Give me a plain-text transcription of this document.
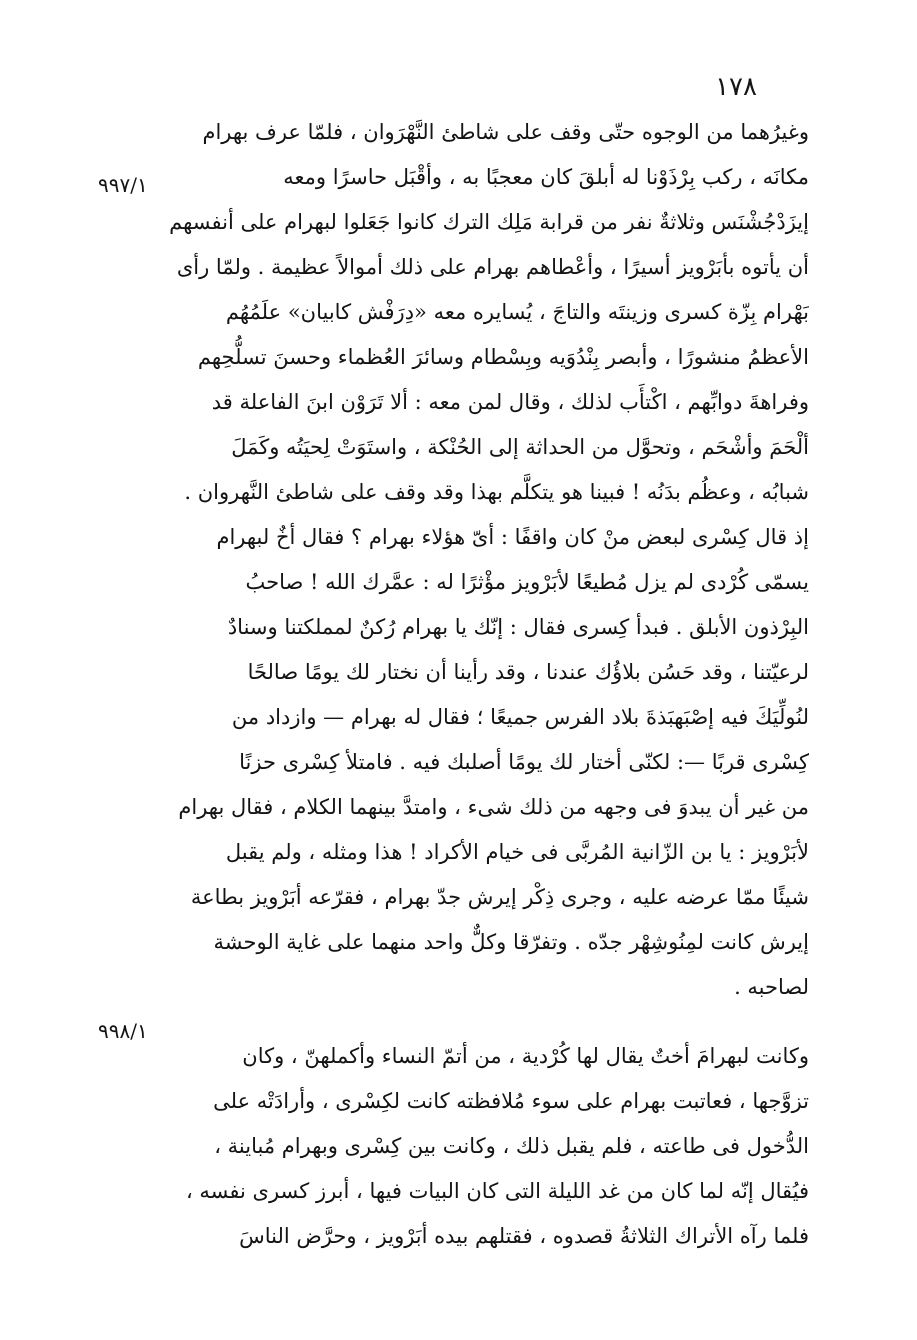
١٧٨
٩٩٧/١
٩٩٨/١
وغيرُهما من الوجوه حتّى وقف على شاطئ النَّهْرَوان ، فلمّا عرف بهرام
مكانَه ، ركب بِرْذَوْنا له أبلقَ كان معجبًا به ، وأقْبَل حاسرًا ومعه
إيزَدْجُشْنَس وثلاثةٌ نفر من قرابة مَلِك الترك كانوا جَعَلوا لبهرام على أنفسهم
أن يأتوه بأبَرْويز أسيرًا ، وأعْطاهم بهرام على ذلك أموالاً عظيمة . ولمّا رأى
بَهْرام بِزّة كسرى وزينتَه والتاجَ ، يُسايره معه «دِرَفْش كابيان» علَمُهُم
الأعظمُ منشورًا ، وأبصر بِنْدُوَيه وبِسْطام وسائرَ العُظماء وحسنَ تسلُّحِهم
وفراهةَ دوابِّهم ، اكْتأَب لذلك ، وقال لمن معه : ألا تَرَوْن ابنَ الفاعلة قد
ألْحَمَ وأشْحَم ، وتحوَّل من الحداثة إلى الحُنْكة ، واستَوَتْ لِحيَتُه وكَمَلَ
شبابُه ، وعظُم بدَنُه ! فبينا هو يتكلَّم بهذا وقد وقف على شاطئ النَّهروان .
إذ قال كِسْرى لبعض منْ كان واقفًا : أىّ هؤلاء بهرام ؟ فقال أخٌ لبهرام
يسمّى كُرْدى لم يزل مُطيعًا لأبَرْويز مؤْثرًا له : عمَّرك الله ! صاحبُ
البِرْذون الأبلق . فبدأ كِسرى فقال : إنّك يا بهرام رُكنٌ لمملكتنا وسنادٌ
لرعيّتنا ، وقد حَسُن بلاؤُك عندنا ، وقد رأينا أن نختار لك يومًا صالحًا
لنُولِّيَكَ فيه إصْبَهبَذةَ بلاد الفرس جميعًا ؛ فقال له بهرام — وازداد من
كِسْرى قربًا —: لكنّى أختار لك يومًا أصلبك فيه . فامتلأ كِسْرى حزنًا
من غير أن يبدوَ فى وجهه من ذلك شىء ، وامتدَّ بينهما الكلام ، فقال بهرام
لأبَرْويز : يا بن الزّانية المُربَّى فى خيام الأكراد ! هذا ومثله ، ولم يقبل
شيئًا ممّا عرضه عليه ، وجرى ذِكْر إيرش جدّ بهرام ، فقرّعه أبَرْويز بطاعة
إيرش كانت لمِنُوشِهْر جدّه . وتفرّقا وكلٌّ واحد منهما على غاية الوحشة
لصاحبه .
وكانت لبهرامَ أختٌ يقال لها كُرْدية ، من أتمّ النساء وأكملهنّ ، وكان
تزوَّجها ، فعاتبت بهرام على سوء مُلافظته كانت لكِسْرى ، وأرادَتْه على
الدُّخول فى طاعته ، فلم يقبل ذلك ، وكانت بين كِسْرى وبهرام مُباينة ،
فيُقال إنّه لما كان من غد الليلة التى كان البيات فيها ، أبرز كسرى نفسه ،
فلما رآه الأتراك الثلاثةُ قصدوه ، فقتلهم بيده أبَرْويز ، وحرَّض الناسَ
